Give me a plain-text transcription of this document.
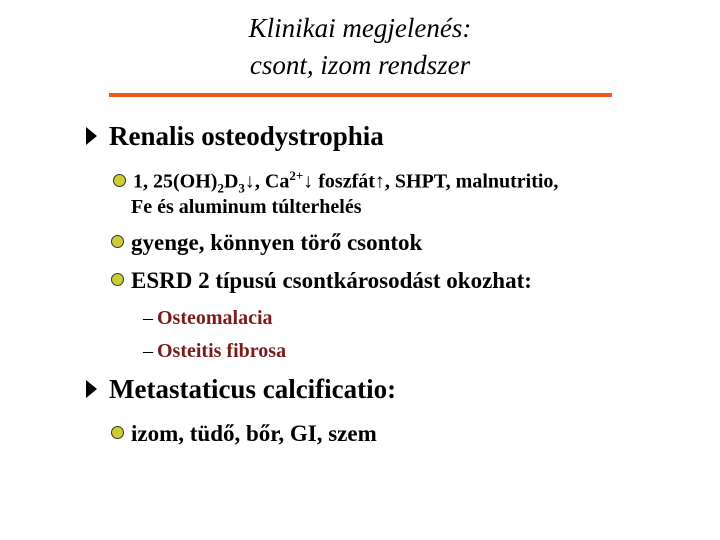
Klinikai megjelenés:
csont, izom rendszer
Renalis osteodystrophia
1, $25(OH)_2D_3↓$, $Ca^{2+}↓$ foszfát↑, SHPT, malnutritio,
Fe és aluminum túlterhelés
gyenge, könnyen törő csontok
ESRD 2 típusú csontkárosodást okozhat:
– Osteomalacia
– Osteitis fibrosa
Metastaticus calcificatio:
izom, tüdő, bőr, GI, szem
